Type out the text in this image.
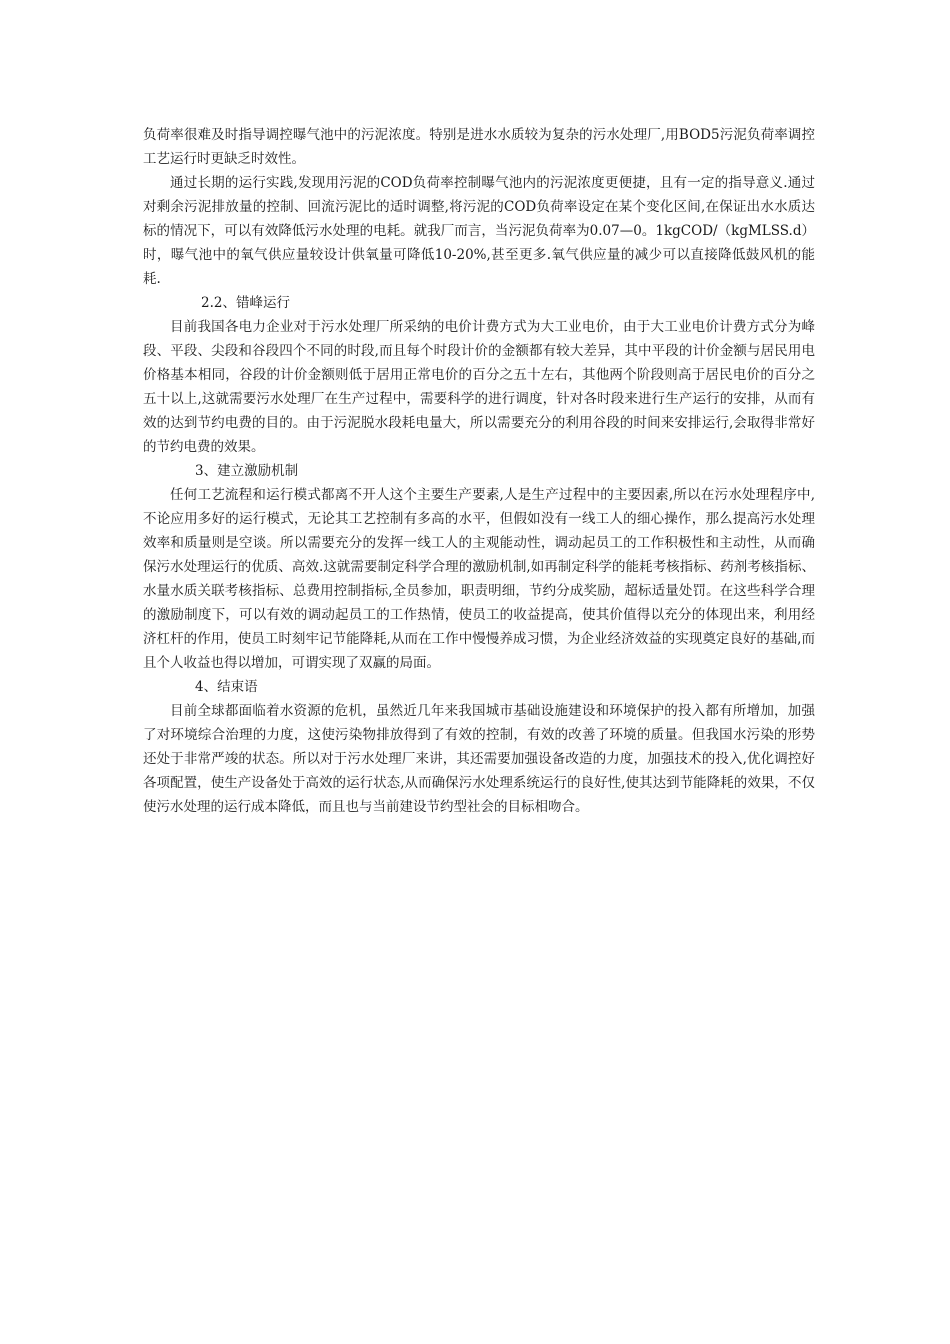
负荷率很难及时指导调控曝气池中的污泥浓度。特别是进水水质较为复杂的污水处理厂,用BOD5污泥负荷率调控工艺运行时更缺乏时效性。

通过长期的运行实践,发现用污泥的COD负荷率控制曝气池内的污泥浓度更便捷，且有一定的指导意义.通过对剩余污泥排放量的控制、回流污泥比的适时调整,将污泥的COD负荷率设定在某个变化区间,在保证出水水质达标的情况下，可以有效降低污水处理的电耗。就我厂而言，当污泥负荷率为0.07—0。1kgCOD/（kgMLSS.d）时，曝气池中的氧气供应量较设计供氧量可降低10-20%,甚至更多.氧气供应量的减少可以直接降低鼓风机的能耗.

2.2、错峰运行

目前我国各电力企业对于污水处理厂所采纳的电价计费方式为大工业电价，由于大工业电价计费方式分为峰段、平段、尖段和谷段四个不同的时段,而且每个时段计价的金额都有较大差异，其中平段的计价金额与居民用电价格基本相同，谷段的计价金额则低于居用正常电价的百分之五十左右，其他两个阶段则高于居民电价的百分之五十以上,这就需要污水处理厂在生产过程中，需要科学的进行调度，针对各时段来进行生产运行的安排，从而有效的达到节约电费的目的。由于污泥脱水段耗电量大，所以需要充分的利用谷段的时间来安排运行,会取得非常好的节约电费的效果。

3、建立激励机制

任何工艺流程和运行模式都离不开人这个主要生产要素,人是生产过程中的主要因素,所以在污水处理程序中,不论应用多好的运行模式，无论其工艺控制有多高的水平，但假如没有一线工人的细心操作，那么提高污水处理效率和质量则是空谈。所以需要充分的发挥一线工人的主观能动性，调动起员工的工作积极性和主动性，从而确保污水处理运行的优质、高效.这就需要制定科学合理的激励机制,如再制定科学的能耗考核指标、药剂考核指标、水量水质关联考核指标、总费用控制指标,全员参加，职责明细，节约分成奖励，超标适量处罚。在这些科学合理的激励制度下，可以有效的调动起员工的工作热情，使员工的收益提高，使其价值得以充分的体现出来，利用经济杠杆的作用，使员工时刻牢记节能降耗,从而在工作中慢慢养成习惯，为企业经济效益的实现奠定良好的基础,而且个人收益也得以增加，可谓实现了双赢的局面。

4、结束语

目前全球都面临着水资源的危机，虽然近几年来我国城市基础设施建设和环境保护的投入都有所增加，加强了对环境综合治理的力度，这使污染物排放得到了有效的控制，有效的改善了环境的质量。但我国水污染的形势还处于非常严竣的状态。所以对于污水处理厂来讲，其还需要加强设备改造的力度，加强技术的投入,优化调控好各项配置，使生产设备处于高效的运行状态,从而确保污水处理系统运行的良好性,使其达到节能降耗的效果，不仅使污水处理的运行成本降低，而且也与当前建设节约型社会的目标相吻合。
